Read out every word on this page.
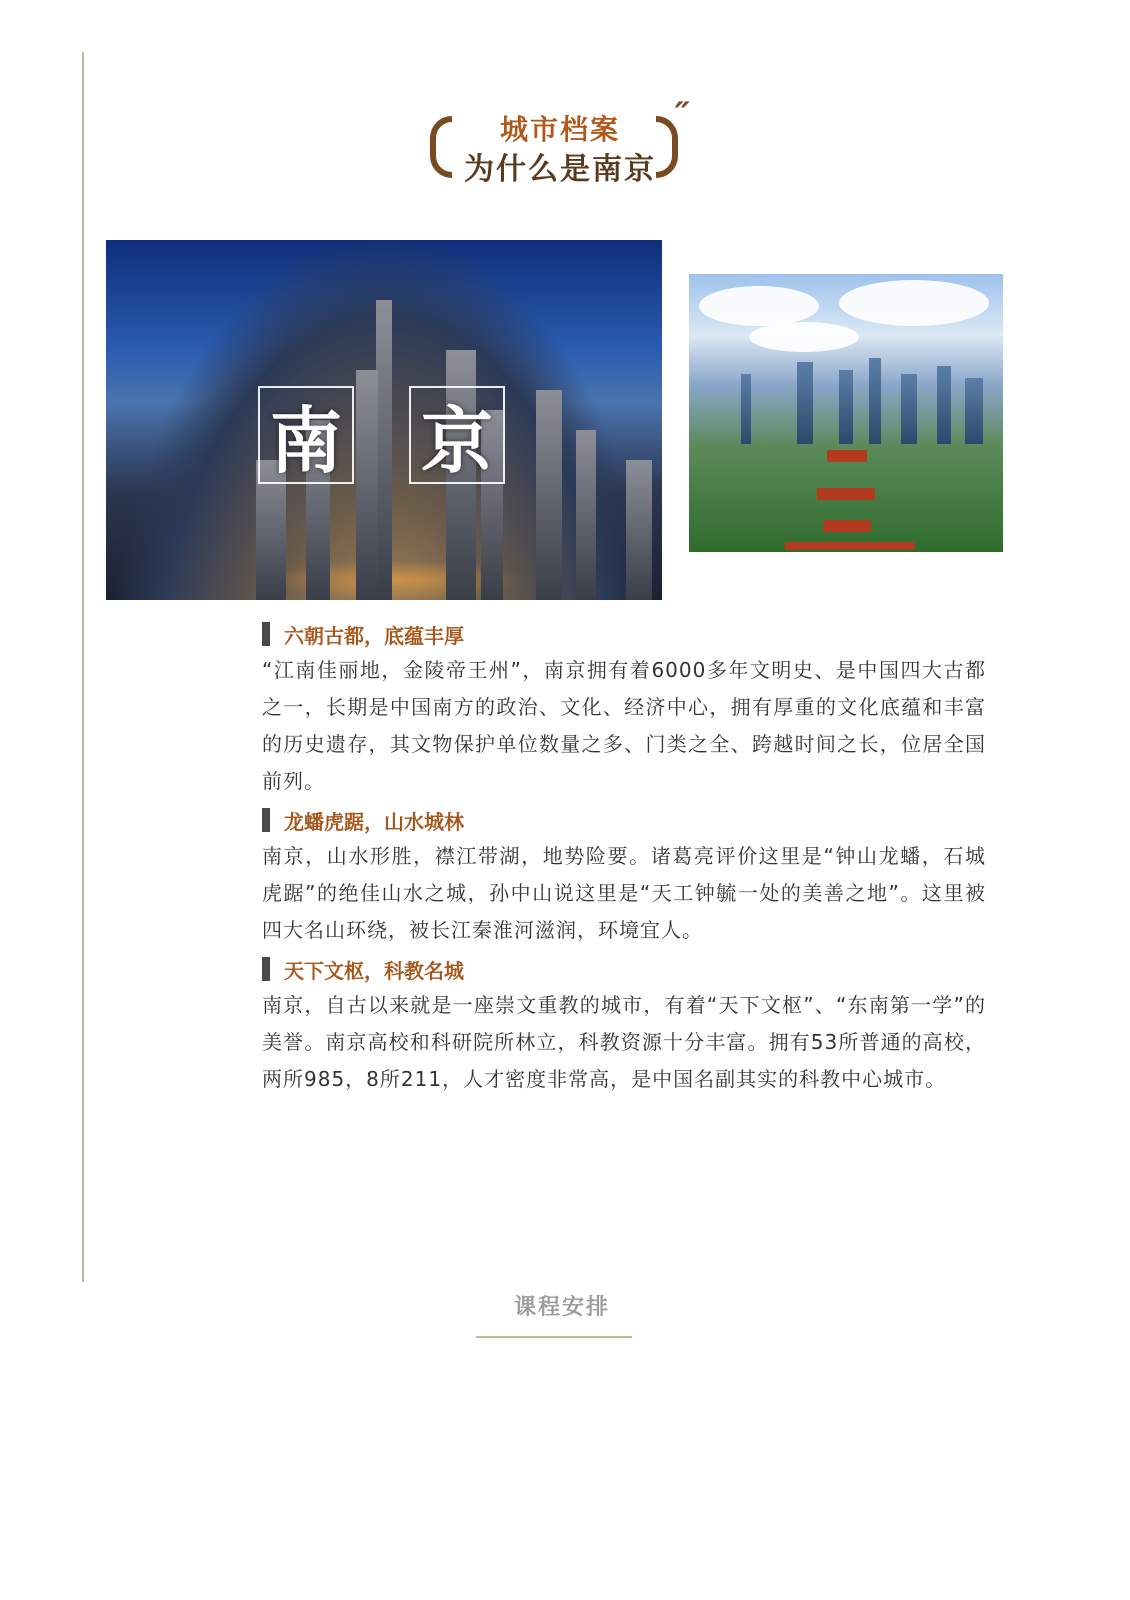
″
城市档案
为什么是南京
南 京
六朝古都，底蕴丰厚

“江南佳丽地，金陵帝王州”，南京拥有着6000多年文明史、是中国四大古都之一，长期是中国南方的政治、文化、经济中心，拥有厚重的文化底蕴和丰富的历史遗存，其文物保护单位数量之多、门类之全、跨越时间之长，位居全国前列。

龙蟠虎踞，山水城林

南京，山水形胜，襟江带湖，地势险要。诸葛亮评价这里是“钟山龙蟠，石城虎踞”的绝佳山水之城，孙中山说这里是“天工钟毓一处的美善之地”。这里被四大名山环绕，被长江秦淮河滋润，环境宜人。

天下文枢，科教名城

南京，自古以来就是一座崇文重教的城市，有着“天下文枢”、“东南第一学”的美誉。南京高校和科研院所林立，科教资源十分丰富。拥有53所普通的高校，两所985，8所211，人才密度非常高，是中国名副其实的科教中心城市。

课程安排
